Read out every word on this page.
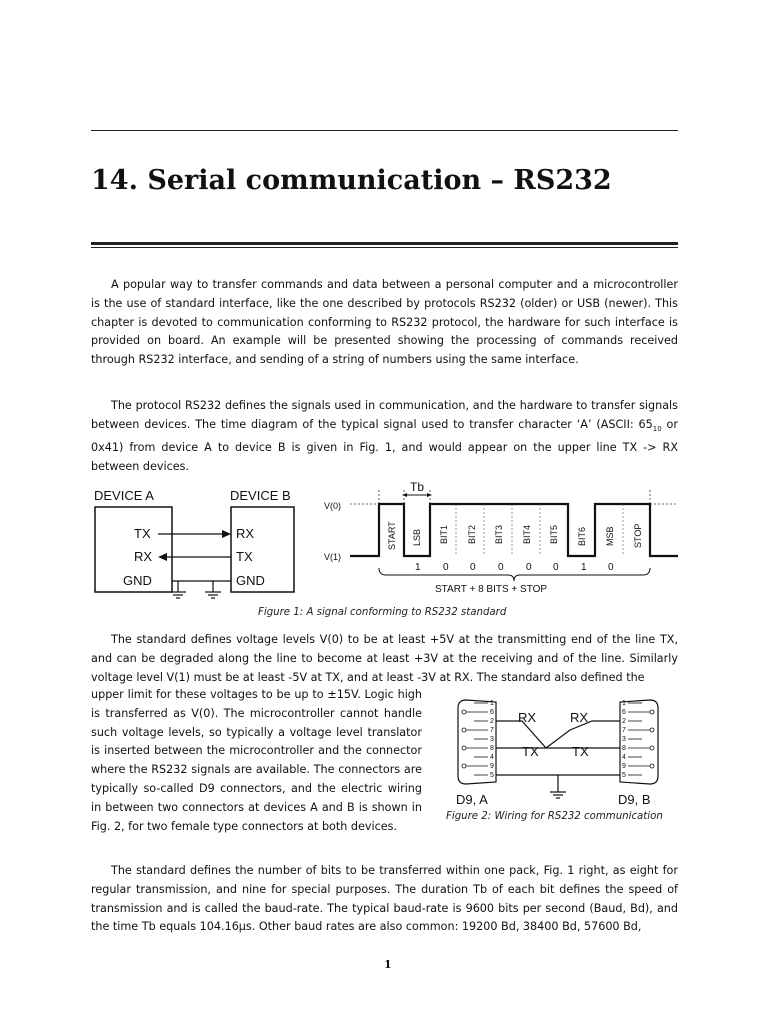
14. Serial communication – RS232

A popular way to transfer commands and data between a personal computer and a microcontroller is the use of standard interface, like the one described by protocols RS232 (older) or USB (newer). This chapter is devoted to communication conforming to RS232 protocol, the hardware for such interface is provided on board. An example will be presented showing the processing of commands received through RS232 interface, and sending of a string of numbers using the same interface.

The protocol RS232 defines the signals used in communication, and the hardware to transfer signals between devices. The time diagram of the typical signal used to transfer character ‘A’ (ASCII: $65_{10}$ or 0x41) from device A to device B is given in Fig. 1, and would appear on the upper line TX -> RX between devices.

DEVICE A	DEVICE B
TX
RX
GND
RX
TX
GND
V(0)
V(1)
Tb
START LSB BIT1 BIT2 BIT3 BIT4 BIT5 BIT6 MSB STOP
1 0 0 0 0 0 1 0
START + 8 BITS + STOP

Figure 1: A signal conforming to RS232 standard

The standard defines voltage levels V(0) to be at least +5V at the transmitting end of the line TX, and can be degraded along the line to become at least +3V at the receiving and of the line. Similarly voltage level V(1) must be at least -5V at TX, and at least -3V at RX. The standard also defined the

upper limit for these voltages to be up to ±15V. Logic high is transferred as V(0). The microcontroller cannot handle such voltage levels, so typically a voltage level translator is inserted between the microcontroller and the connector where the RS232 signals are available. The connectors are typically so-called D9 connectors, and the electric wiring in between two connectors at devices A and B is shown in Fig. 2, for two female type connectors at both devices.

1
6
2
7
3
8
4
9
5
1
6
2
7
3
8
4
9
5
RX	RX
TX	TX
D9, A	D9, B

Figure 2: Wiring for RS232 communication

The standard defines the number of bits to be transferred within one pack, Fig. 1 right, as eight for regular transmission, and nine for special purposes. The duration Tb of each bit defines the speed of transmission and is called the baud-rate. The typical baud-rate is 9600 bits per second (Baud, Bd), and the time Tb equals 104.16µs. Other baud rates are also common: 19200 Bd, 38400 Bd, 57600 Bd,

1
